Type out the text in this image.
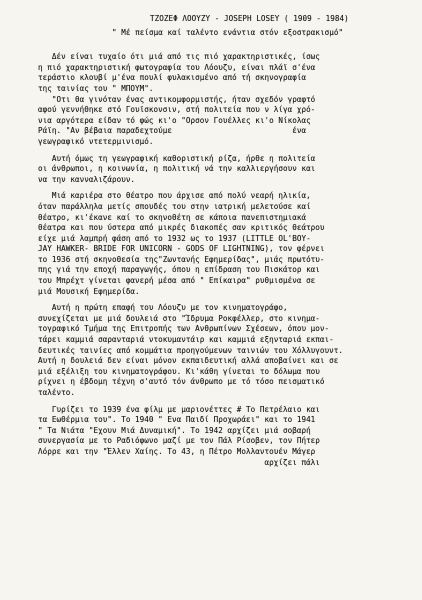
ΤΖΟΖΕΦ ΛΟΟΥΖΥ - JOSEPH LOSEY ( 1909 - 1984)
" Μέ πείσμα καί ταλέντο ενάντια στόν εξοστρακισμό"
Δέν είναι τυχαίο ότι μιά από τις πιό χαρακτηριστικές, ίσως
η πιό χαρακτηριστική φωτογραφία του Λόουζυ, είναι πλάϊ σ'ένα
τεράστιο κλουβί μ'ένα πουλί φυλακισμένο από τή σκηνογραφία
της ταινίας του " ΜΠΟΥΜ".
"Οτι θα γινόταν ένας αντικομφορμιστής, ήταν σχεδόν γραφτό
αφού γεννήθηκε στό Γουϊσκονσιν, στή πολιτεία που ν λίγα χρό-
νια αργότερα είδαν τό φώς κι'ο "Ορσον Γουέλλες κι'ο Νίκολας
Ράϊη. "Αν βέβαια παραδεχτούμε                          ένα
γεωγραφικό ντετερμινισμό.
Αυτή όμως τη γεωγραφική καθοριστική ρίζα, ήρθε η πολιτεία
οι άνθρωποι, η κοινωνία, η πολιτική νά την καλλιεργήσουν και
να την κανναλιζάρουν.
Μιά καριέρα στο θέατρο που άρχισε από πολύ νεαρή ηλικία,
όταν παράλληλα μετίς σπουδές του στην ιατρική μελετούσε καί
θέατρο, κι'έκανε καί το σκηνοθέτη σε κάποια πανεπιστημιακά
θέατρα και που ύστερα από μικρές διακοπές σαν κριτικός θεάτρου
είχε μιά λαμπρή φάση από το 1932 ως το 1937 (LITTLE OL'BOY-
JAY HAWKER- BRIDE FOR UNICORN - GODS OF LIGHTNING), τον φέρνει
το 1936 στή σκηνοθεσία της"Ζωντανής Εφημερίδας", μιάς πρωτότυ-
πης γιά την εποχή παραγωγής, όπου η επίδραση του Πισκάτορ και
του Μπρέχτ γίνεται φανερή μέσα από " Επίκαιρα" ρυθμισμένα σε
μιά Μουσική Εφημερίδα.
Αυτή η πρώτη επαφή του Λόουζυ με τον κινηματογράφο,
συνεχίζεται με μιά δουλειά στο "Ίδρυμα Ροκφέλλερ, στο κινημα-
τογραφικό Τμήμα της Επιτροπής των Ανθρωπίνων Σχέσεων, όπου μον-
τάρει καμμιά σαρανταριά ντοκυμαντάιρ και καμμιά εξηνταριά εκπαι-
δευτικές ταινίες από κομμάτια προηγούμενων ταινιών του Χόλλυγουντ.
Αυτή η δουλειά δεν είναι μόνον εκπαιδευτική αλλά αποβαίνει και σε
μιά εξέλιξη του κινηματογράφου. Κι'κάθη γίνεται το δόλωμα που
ρίχνει η έβδομη τέχνη σ'αυτό τόν άνθρωπο με τό τόσο πεισματικό
ταλέντο.
Γυρίζει το 1939 ένα φίλμ με μαριονέττες # Το Πετρέλαιο και
τα Εωθέρμια του". Το 1940 " Ενα Παιδί Προχωράει" και το 1941
" Τα Νιάτα "Εχουν Μιά Δυναμική". Το 1942 αρχίζει μιά σοβαρή
συνεργασία με το Ραδιόφωνο μαζί με τον Πάλ Ρίσοβεν, τον Πήτερ
Λόρρε και την "Έλλεν Χαίης. Το 43, η Πέτρο Μολλαντουέν Μάγερ
αρχίζει πάλι
